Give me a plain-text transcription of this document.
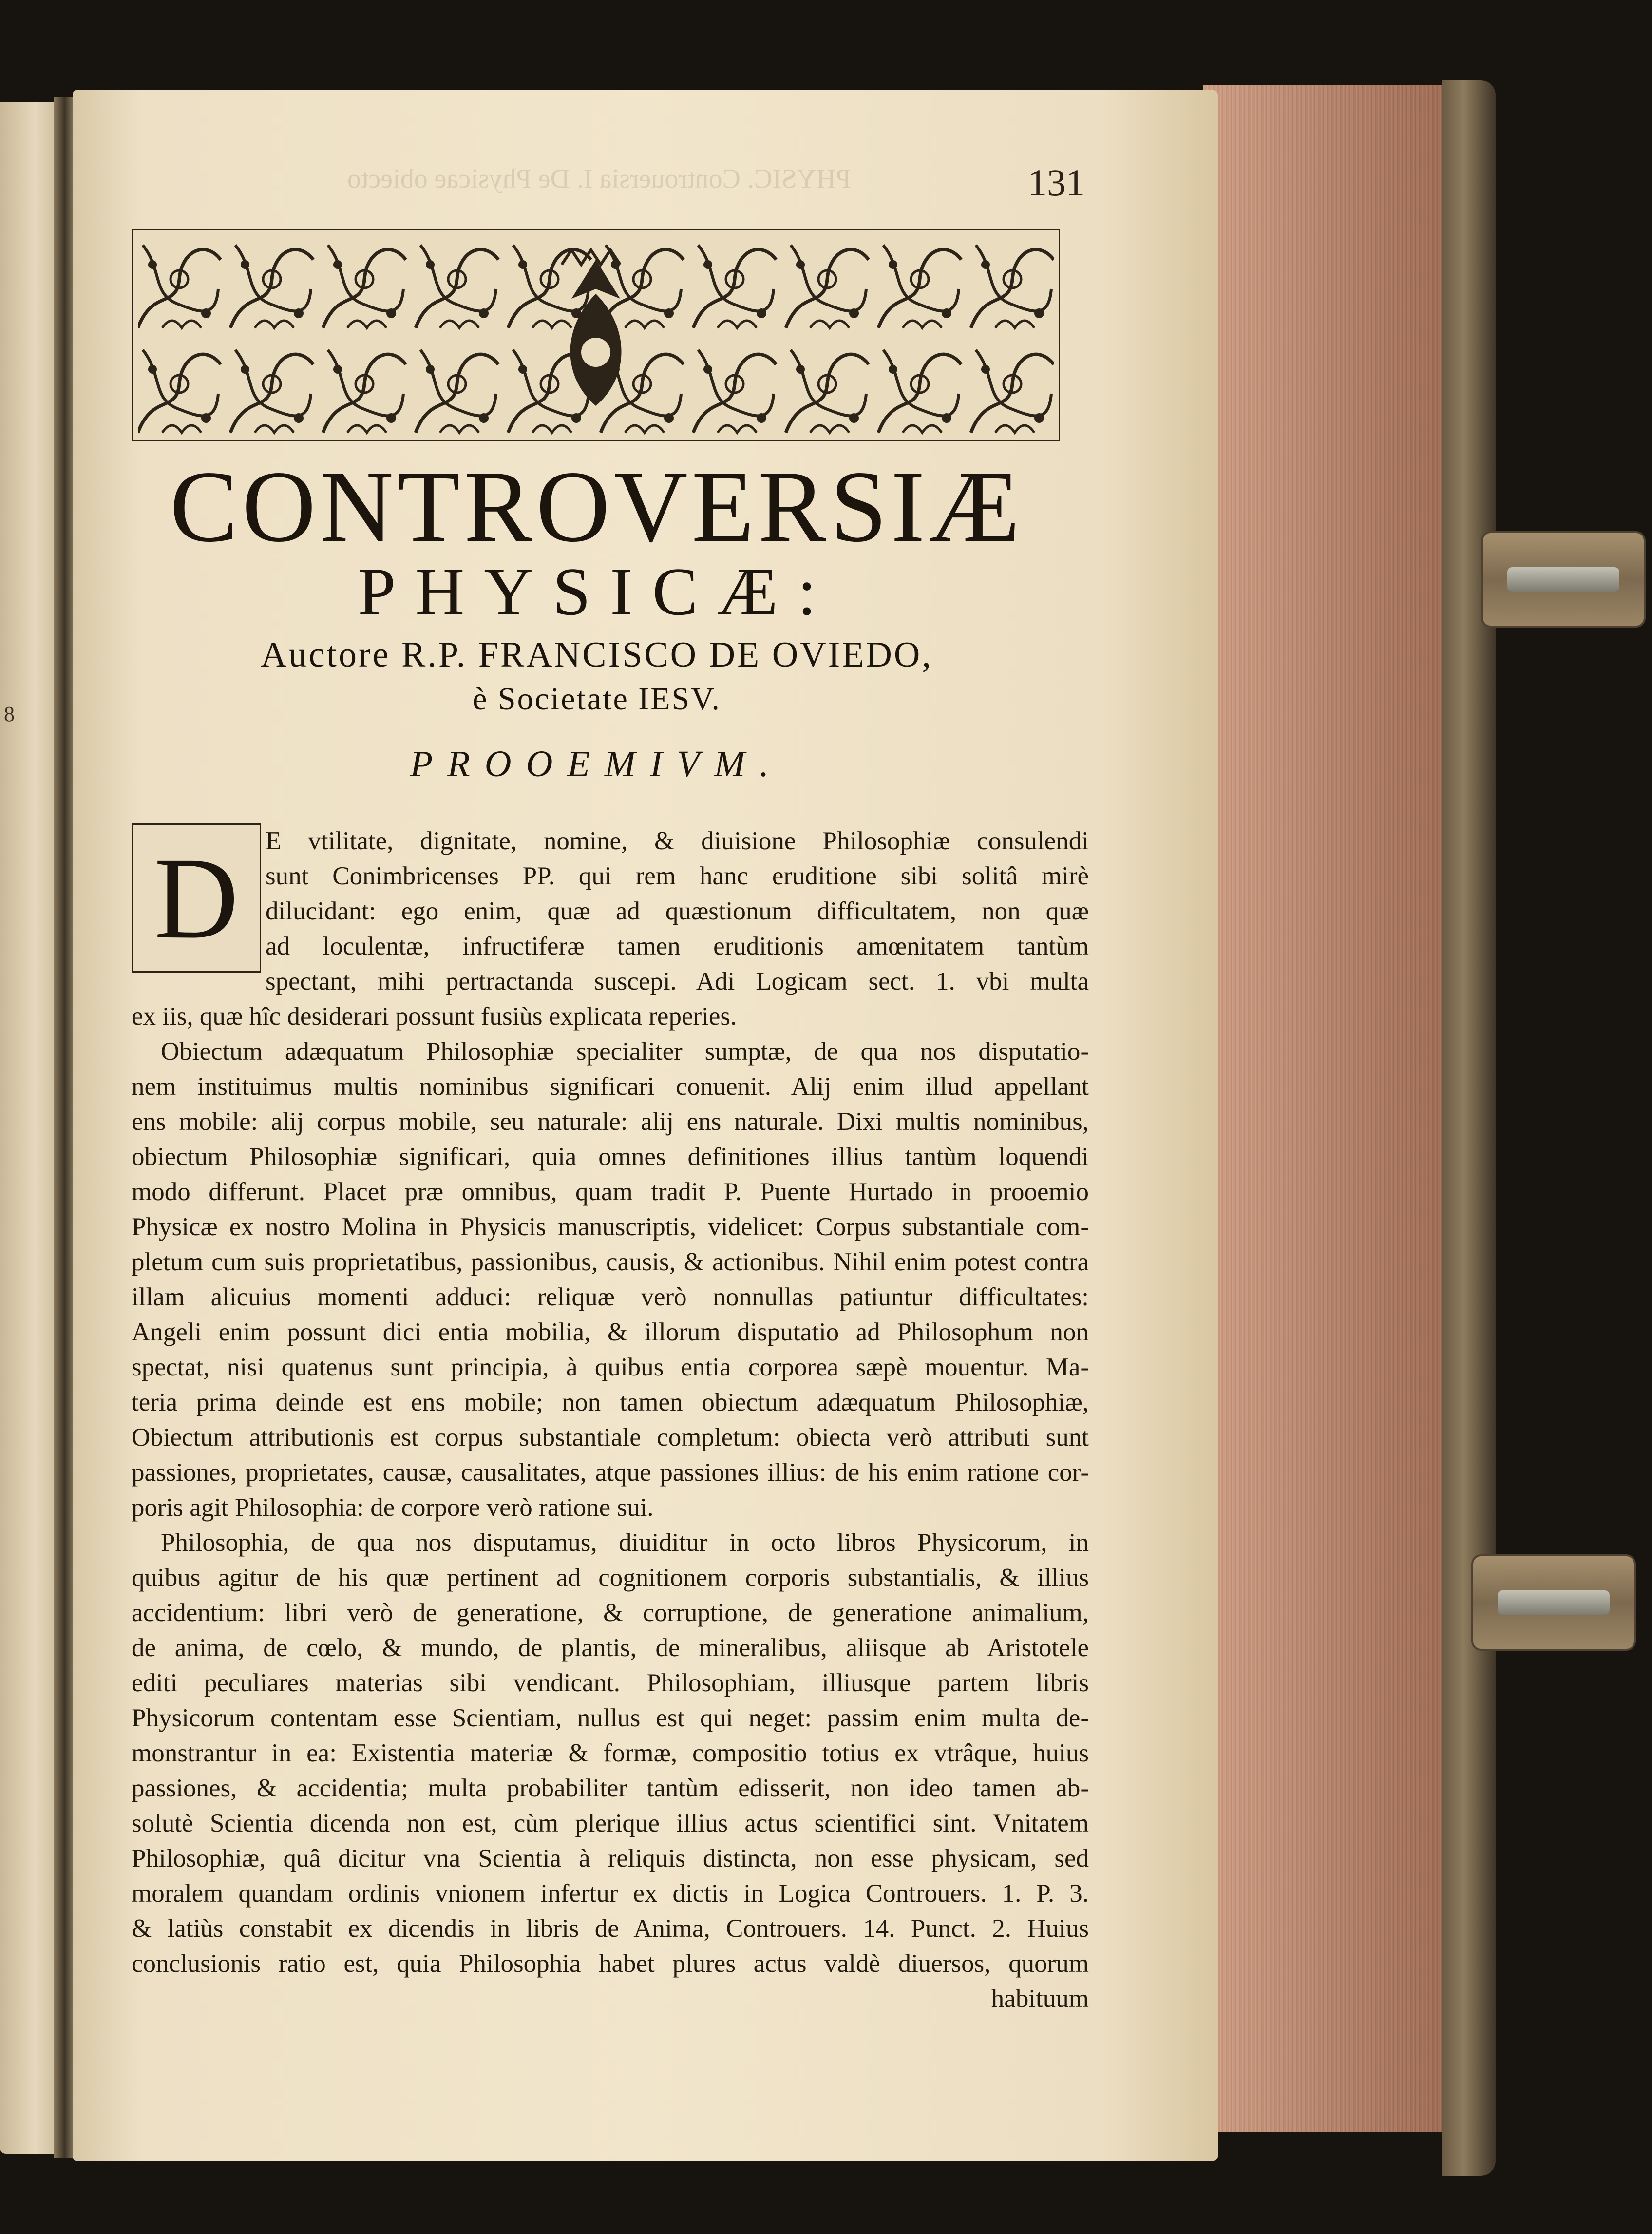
8
PHYSIC. Controuersia I. De Physicae obiecto	131
CONTROVERSIÆ
PHYSICÆ:
Auctore R.P. FRANCISCO DE OVIEDO,
è Societate IESV.
PROOEMIVM.
D	E vtilitate, dignitate, nomine, & diuisione Philosophiæ consulendi
sunt Conimbricenses PP. qui rem hanc eruditione sibi solitâ mirè
dilucidant: ego enim, quæ ad quæstionum difficultatem, non quæ
ad loculentæ, infructiferæ tamen eruditionis amœnitatem tantùm
spectant, mihi pertractanda suscepi. Adi Logicam sect. 1. vbi multa
ex iis, quæ hîc desiderari possunt fusiùs explicata reperies.
Obiectum adæquatum Philosophiæ specialiter sumptæ, de qua nos disputatio-
nem instituimus multis nominibus significari conuenit. Alij enim illud appellant
ens mobile: alij corpus mobile, seu naturale: alij ens naturale. Dixi multis nominibus,
obiectum Philosophiæ significari, quia omnes definitiones illius tantùm loquendi
modo differunt. Placet præ omnibus, quam tradit P. Puente Hurtado in prooemio
Physicæ ex nostro Molina in Physicis manuscriptis, videlicet: Corpus substantiale com-
pletum cum suis proprietatibus, passionibus, causis, & actionibus. Nihil enim potest contra
illam alicuius momenti adduci: reliquæ verò nonnullas patiuntur difficultates:
Angeli enim possunt dici entia mobilia, & illorum disputatio ad Philosophum non
spectat, nisi quatenus sunt principia, à quibus entia corporea sæpè mouentur. Ma-
teria prima deinde est ens mobile; non tamen obiectum adæquatum Philosophiæ,
Obiectum attributionis est corpus substantiale completum: obiecta verò attributi sunt
passiones, proprietates, causæ, causalitates, atque passiones illius: de his enim ratione cor-
poris agit Philosophia: de corpore verò ratione sui.
Philosophia, de qua nos disputamus, diuiditur in octo libros Physicorum, in
quibus agitur de his quæ pertinent ad cognitionem corporis substantialis, & illius
accidentium: libri verò de generatione, & corruptione, de generatione animalium,
de anima, de cœlo, & mundo, de plantis, de mineralibus, aliisque ab Aristotele
editi peculiares materias sibi vendicant. Philosophiam, illiusque partem libris
Physicorum contentam esse Scientiam, nullus est qui neget: passim enim multa de-
monstrantur in ea: Existentia materiæ & formæ, compositio totius ex vtrâque, huius
passiones, & accidentia; multa probabiliter tantùm edisserit, non ideo tamen ab-
solutè Scientia dicenda non est, cùm plerique illius actus scientifici sint. Vnitatem
Philosophiæ, quâ dicitur vna Scientia à reliquis distincta, non esse physicam, sed
moralem quandam ordinis vnionem infertur ex dictis in Logica Controuers. 1. P. 3.
& latiùs constabit ex dicendis in libris de Anima, Controuers. 14. Punct. 2. Huius
conclusionis ratio est, quia Philosophia habet plures actus valdè diuersos, quorum
habituum
